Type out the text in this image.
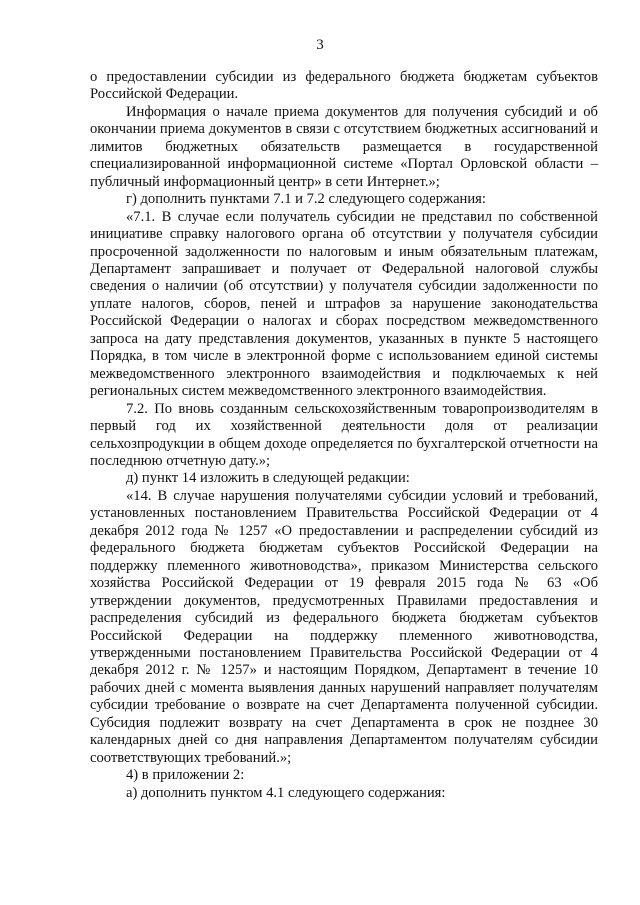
3

о предоставлении субсидии из федерального бюджета бюджетам субъектов Российской Федерации.

Информация о начале приема документов для получения субсидий и об окончании приема документов в связи с отсутствием бюджетных ассигнований и лимитов бюджетных обязательств размещается в государственной специализированной информационной системе «Портал Орловской области – публичный информационный центр» в сети Интернет.»;

г) дополнить пунктами 7.1 и 7.2 следующего содержания:

«7.1. В случае если получатель субсидии не представил по собственной инициативе справку налогового органа об отсутствии у получателя субсидии просроченной задолженности по налоговым и иным обязательным платежам, Департамент запрашивает и получает от Федеральной налоговой службы сведения о наличии (об отсутствии) у получателя субсидии задолженности по уплате налогов, сборов, пеней и штрафов за нарушение законодательства Российской Федерации о налогах и сборах посредством межведомственного запроса на дату представления документов, указанных в пункте 5 настоящего Порядка, в том числе в электронной форме с использованием единой системы межведомственного электронного взаимодействия и подключаемых к ней региональных систем межведомственного электронного взаимодействия.

7.2. По вновь созданным сельскохозяйственным товаропроизводителям в первый год их хозяйственной деятельности доля от реализации сельхозпродукции в общем доходе определяется по бухгалтерской отчетности на последнюю отчетную дату.»;

д) пункт 14 изложить в следующей редакции:

«14. В случае нарушения получателями субсидии условий и требований, установленных постановлением Правительства Российской Федерации от 4 декабря 2012 года № 1257 «О предоставлении и распределении субсидий из федерального бюджета бюджетам субъектов Российской Федерации на поддержку племенного животноводства», приказом Министерства сельского хозяйства Российской Федерации от 19 февраля 2015 года № 63 «Об утверждении документов, предусмотренных Правилами предоставления и распределения субсидий из федерального бюджета бюджетам субъектов Российской Федерации на поддержку племенного животноводства, утвержденными постановлением Правительства Российской Федерации от 4 декабря 2012 г. № 1257» и настоящим Порядком, Департамент в течение 10 рабочих дней с момента выявления данных нарушений направляет получателям субсидии требование о возврате на счет Департамента полученной субсидии. Субсидия подлежит возврату на счет Департамента в срок не позднее 30 календарных дней со дня направления Департаментом получателям субсидии соответствующих требований.»;

4) в приложении 2:

а) дополнить пунктом 4.1 следующего содержания:
